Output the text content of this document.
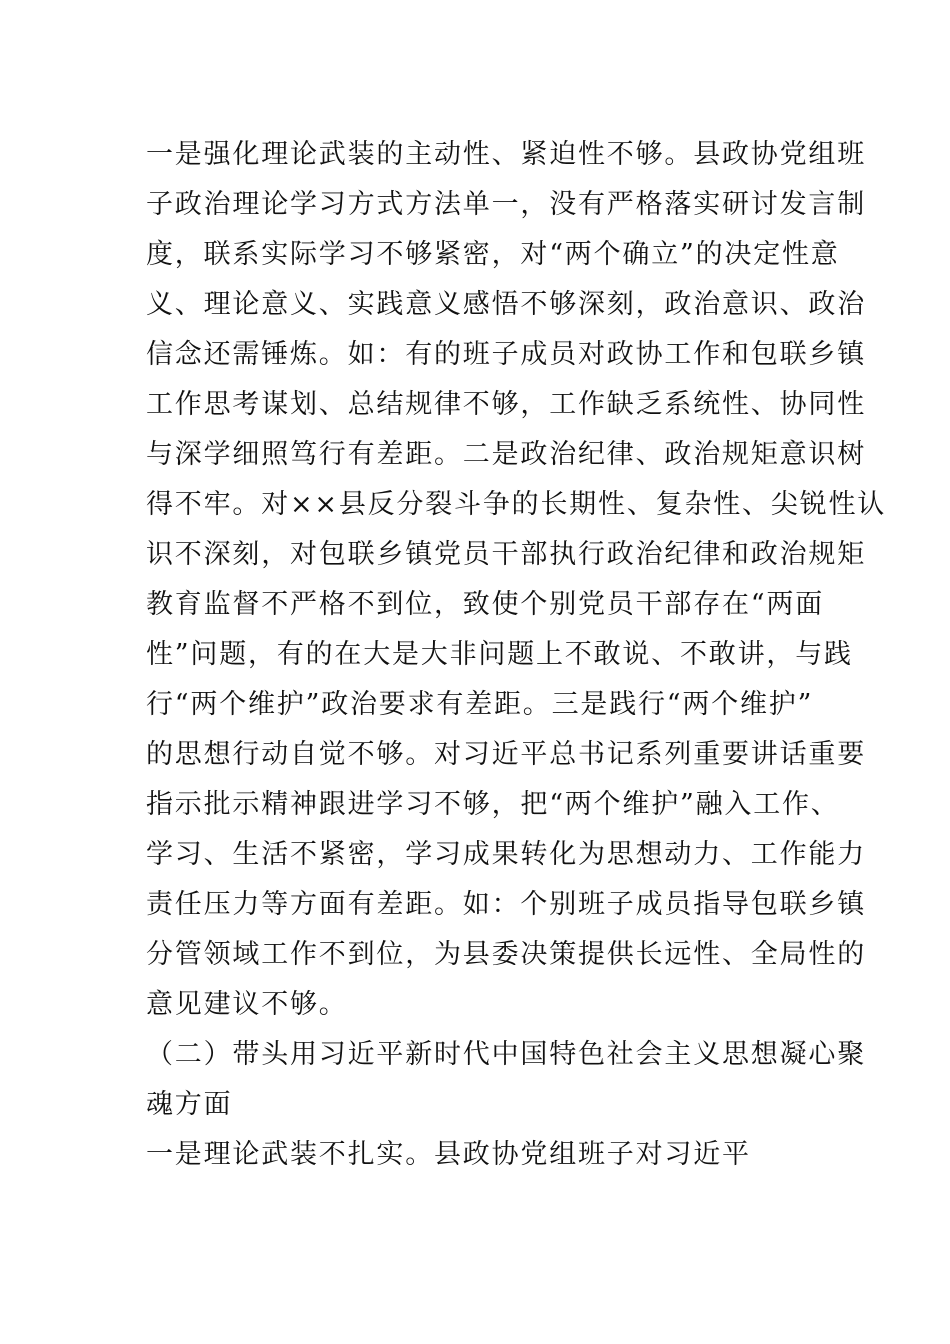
一是强化理论武装的主动性、紧迫性不够。县政协党组班
子政治理论学习方式方法单一，没有严格落实研讨发言制
度，联系实际学习不够紧密，对“两个确立”的决定性意
义、理论意义、实践意义感悟不够深刻，政治意识、政治
信念还需锤炼。如：有的班子成员对政协工作和包联乡镇
工作思考谋划、总结规律不够，工作缺乏系统性、协同性
与深学细照笃行有差距。二是政治纪律、政治规矩意识树
得不牢。对××县反分裂斗争的长期性、复杂性、尖锐性认
识不深刻，对包联乡镇党员干部执行政治纪律和政治规矩
教育监督不严格不到位，致使个别党员干部存在“两面
性”问题，有的在大是大非问题上不敢说、不敢讲，与践
行“两个维护”政治要求有差距。三是践行“两个维护”
的思想行动自觉不够。对习近平总书记系列重要讲话重要
指示批示精神跟进学习不够，把“两个维护”融入工作、
学习、生活不紧密，学习成果转化为思想动力、工作能力
责任压力等方面有差距。如：个别班子成员指导包联乡镇
分管领域工作不到位，为县委决策提供长远性、全局性的
意见建议不够。
（二）带头用习近平新时代中国特色社会主义思想凝心聚
魂方面
一是理论武装不扎实。县政协党组班子对习近平
